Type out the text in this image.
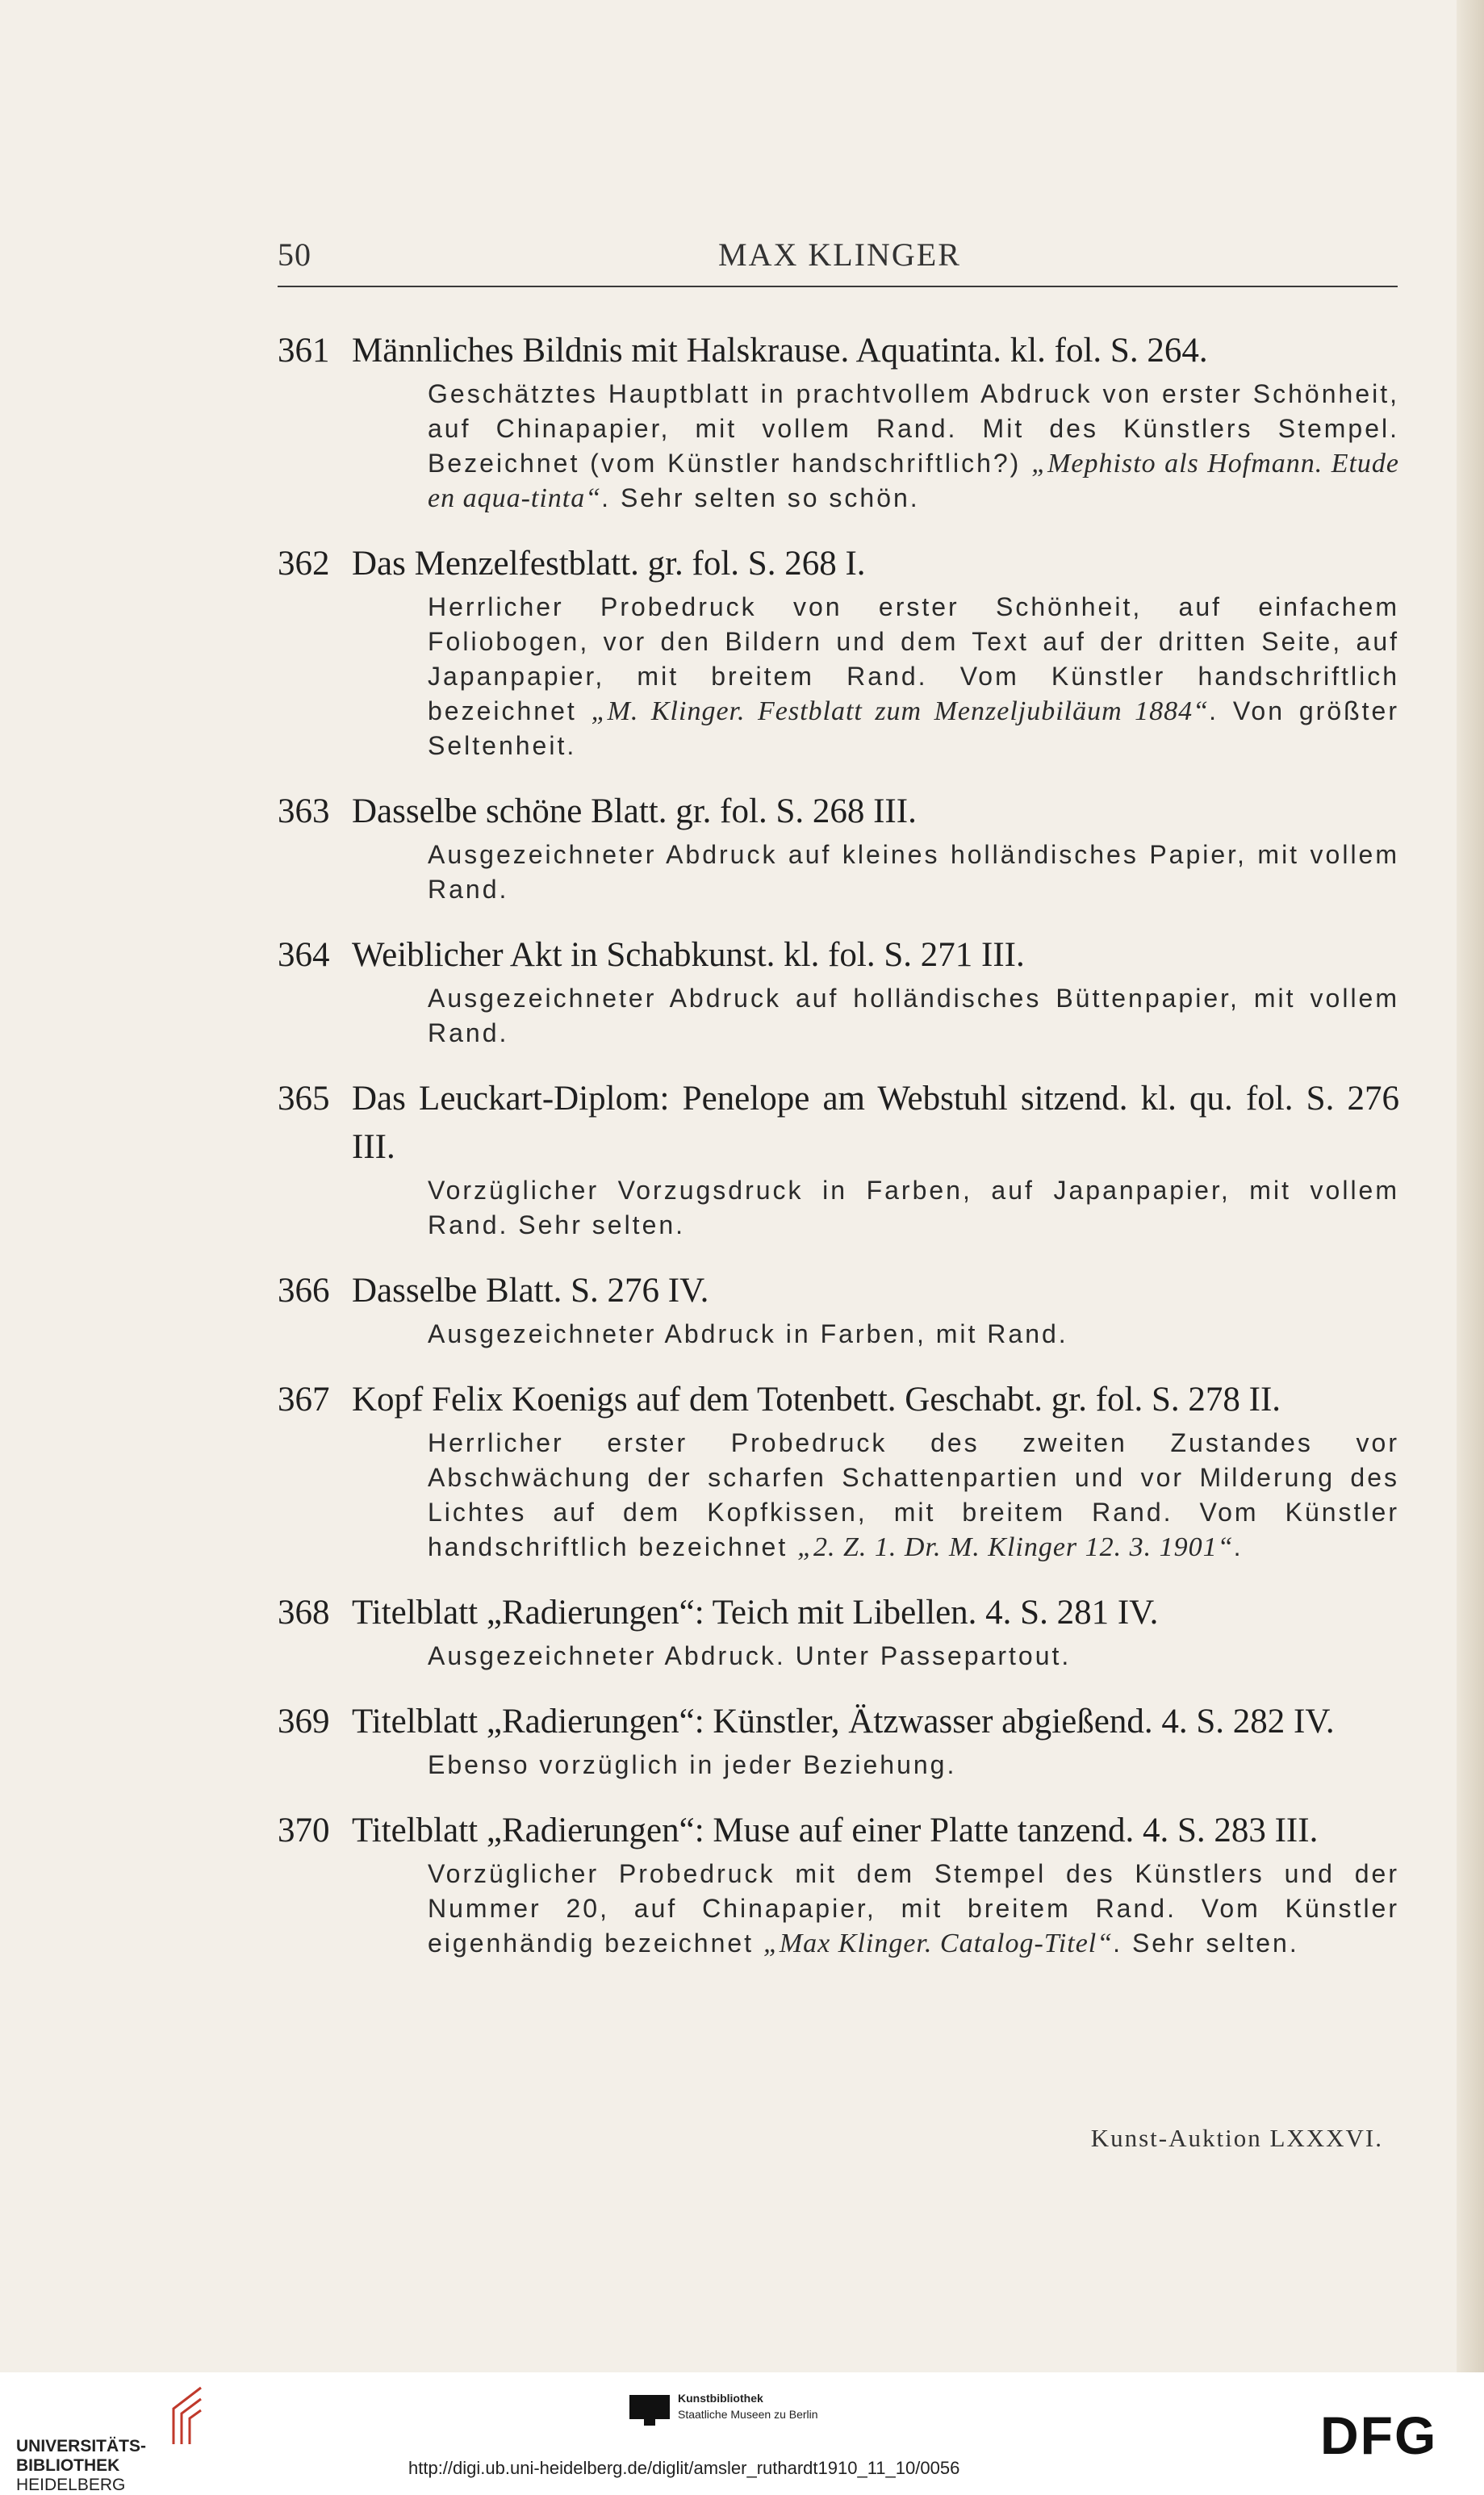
50	MAX KLINGER
361 Männliches Bildnis mit Halskrause. Aquatinta. kl. fol. S. 264.
Geschätztes Hauptblatt in prachtvollem Abdruck von erster Schönheit, auf Chinapapier, mit vollem Rand. Mit des Künstlers Stempel. Bezeichnet (vom Künstler handschriftlich?) „Mephisto als Hofmann. Etude en aqua-tinta“. Sehr selten so schön.
362 Das Menzelfestblatt. gr. fol. S. 268 I.
Herrlicher Probedruck von erster Schönheit, auf einfachem Foliobogen, vor den Bildern und dem Text auf der dritten Seite, auf Japanpapier, mit breitem Rand. Vom Künstler handschriftlich bezeichnet „M. Klinger. Festblatt zum Menzeljubiläum 1884“. Von größter Seltenheit.
363 Dasselbe schöne Blatt. gr. fol. S. 268 III.
Ausgezeichneter Abdruck auf kleines holländisches Papier, mit vollem Rand.
364 Weiblicher Akt in Schabkunst. kl. fol. S. 271 III.
Ausgezeichneter Abdruck auf holländisches Büttenpapier, mit vollem Rand.
365 Das Leuckart-Diplom: Penelope am Webstuhl sitzend. kl. qu. fol. S. 276 III.
Vorzüglicher Vorzugsdruck in Farben, auf Japanpapier, mit vollem Rand. Sehr selten.
366 Dasselbe Blatt. S. 276 IV.
Ausgezeichneter Abdruck in Farben, mit Rand.
367 Kopf Felix Koenigs auf dem Totenbett. Geschabt. gr. fol. S. 278 II.
Herrlicher erster Probedruck des zweiten Zustandes vor Abschwächung der scharfen Schattenpartien und vor Milderung des Lichtes auf dem Kopfkissen, mit breitem Rand. Vom Künstler handschriftlich bezeichnet „2. Z. 1. Dr. M. Klinger 12. 3. 1901“.
368 Titelblatt „Radierungen“: Teich mit Libellen. 4. S. 281 IV.
Ausgezeichneter Abdruck. Unter Passepartout.
369 Titelblatt „Radierungen“: Künstler, Ätzwasser abgießend. 4. S. 282 IV.
Ebenso vorzüglich in jeder Beziehung.
370 Titelblatt „Radierungen“: Muse auf einer Platte tanzend. 4. S. 283 III.
Vorzüglicher Probedruck mit dem Stempel des Künstlers und der Nummer 20, auf Chinapapier, mit breitem Rand. Vom Künstler eigenhändig bezeichnet „Max Klinger. Catalog-Titel“. Sehr selten.
Kunst-Auktion LXXXVI.
UNIVERSITÄTS-
BIBLIOTHEK
HEIDELBERG
Kunstbibliothek
Staatliche Museen zu Berlin	DFG
http://digi.ub.uni-heidelberg.de/diglit/amsler_ruthardt1910_11_10/0056
